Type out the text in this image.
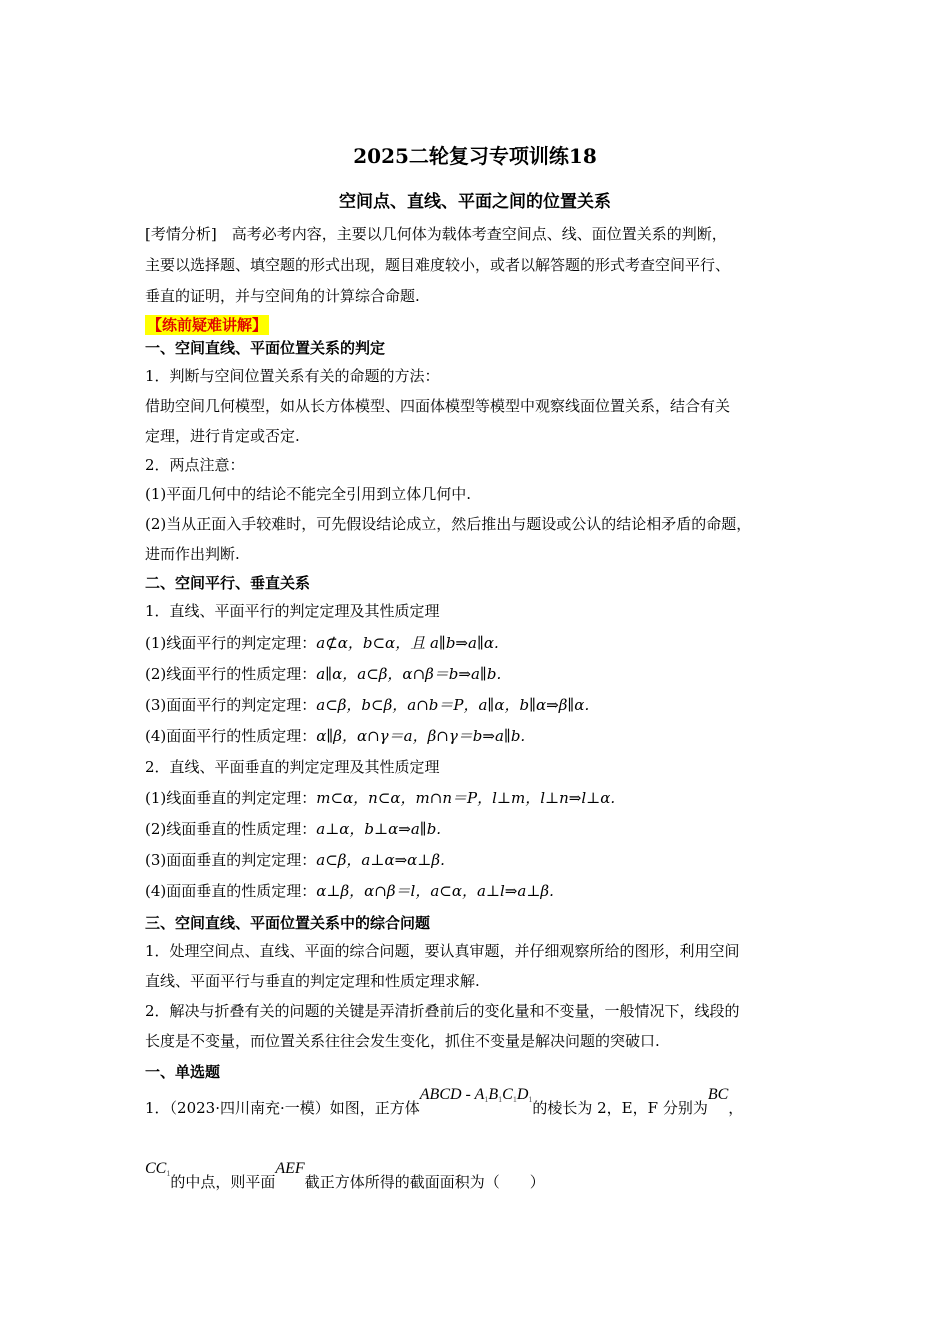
2025二轮复习专项训练18
空间点、直线、平面之间的位置关系
[考情分析]　高考必考内容，主要以几何体为载体考查空间点、线、面位置关系的判断，
主要以选择题、填空题的形式出现，题目难度较小，或者以解答题的形式考查空间平行、
垂直的证明，并与空间角的计算综合命题.
【练前疑难讲解】
一、空间直线、平面位置关系的判定
1．判断与空间位置关系有关的命题的方法：
借助空间几何模型，如从长方体模型、四面体模型等模型中观察线面位置关系，结合有关
定理，进行肯定或否定.
2．两点注意：
(1)平面几何中的结论不能完全引用到立体几何中.
(2)当从正面入手较难时，可先假设结论成立，然后推出与题设或公认的结论相矛盾的命题，
进而作出判断.
二、空间平行、垂直关系
1．直线、平面平行的判定定理及其性质定理
(1)线面平行的判定定理：a⊄α，b⊂α，且 a∥b⇒a∥α.
(2)线面平行的性质定理：a∥α，a⊂β，α∩β＝b⇒a∥b.
(3)面面平行的判定定理：a⊂β，b⊂β，a∩b＝P，a∥α，b∥α⇒β∥α.
(4)面面平行的性质定理：α∥β，α∩γ＝a，β∩γ＝b⇒a∥b.
2．直线、平面垂直的判定定理及其性质定理
(1)线面垂直的判定定理：m⊂α，n⊂α，m∩n＝P，l⊥m，l⊥n⇒l⊥α.
(2)线面垂直的性质定理：a⊥α，b⊥α⇒a∥b.
(3)面面垂直的判定定理：a⊂β，a⊥α⇒α⊥β.
(4)面面垂直的性质定理：α⊥β，α∩β＝l，a⊂α，a⊥l⇒a⊥β.
三、空间直线、平面位置关系中的综合问题
1．处理空间点、直线、平面的综合问题，要认真审题，并仔细观察所给的图形，利用空间
直线、平面平行与垂直的判定定理和性质定理求解.
2．解决与折叠有关的问题的关键是弄清折叠前后的变化量和不变量，一般情况下，线段的
长度是不变量，而位置关系往往会发生变化，抓住不变量是解决问题的突破口.
一、单选题
1．（2023·四川南充·一模）如图，正方体ABCD - $A_1B_1C_1D_1$的棱长为 2，E，F 分别为BC，
$CC_1$的中点，则平面AEF截正方体所得的截面面积为（　　）
